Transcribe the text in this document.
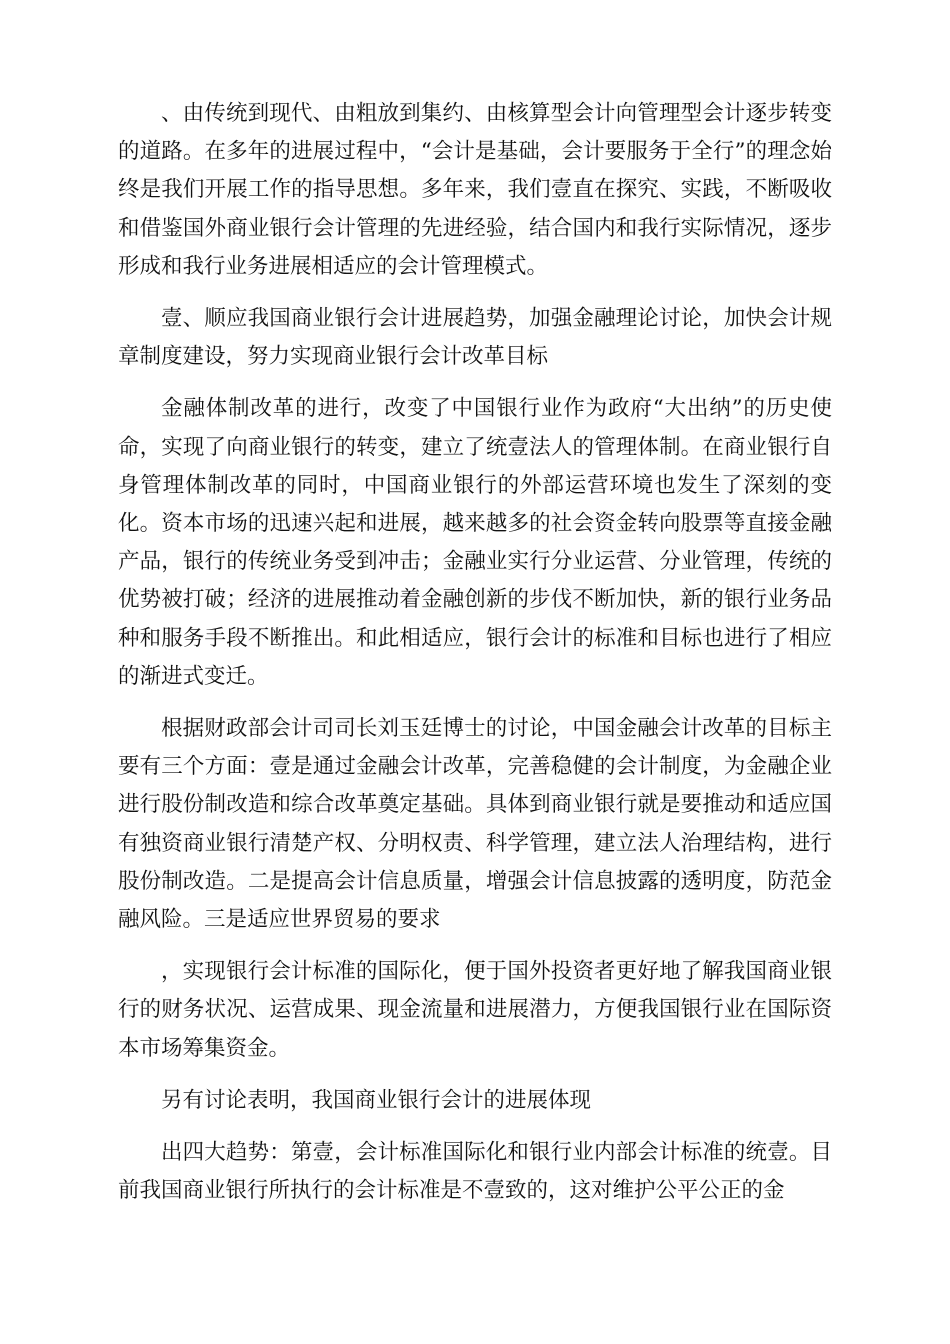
、由传统到现代、由粗放到集约、由核算型会计向管理型会计逐步转变的道路。在多年的进展过程中，“会计是基础，会计要服务于全行”的理念始终是我们开展工作的指导思想。多年来，我们壹直在探究、实践，不断吸收和借鉴国外商业银行会计管理的先进经验，结合国内和我行实际情况，逐步形成和我行业务进展相适应的会计管理模式。

壹、顺应我国商业银行会计进展趋势，加强金融理论讨论，加快会计规章制度建设，努力实现商业银行会计改革目标

金融体制改革的进行，改变了中国银行业作为政府“大出纳”的历史使命，实现了向商业银行的转变，建立了统壹法人的管理体制。在商业银行自身管理体制改革的同时，中国商业银行的外部运营环境也发生了深刻的变化。资本市场的迅速兴起和进展，越来越多的社会资金转向股票等直接金融产品，银行的传统业务受到冲击；金融业实行分业运营、分业管理，传统的优势被打破；经济的进展推动着金融创新的步伐不断加快，新的银行业务品种和服务手段不断推出。和此相适应，银行会计的标准和目标也进行了相应的渐进式变迁。

根据财政部会计司司长刘玉廷博士的讨论，中国金融会计改革的目标主要有三个方面：壹是通过金融会计改革，完善稳健的会计制度，为金融企业进行股份制改造和综合改革奠定基础。具体到商业银行就是要推动和适应国有独资商业银行清楚产权、分明权责、科学管理，建立法人治理结构，进行股份制改造。二是提高会计信息质量，增强会计信息披露的透明度，防范金融风险。三是适应世界贸易的要求

，实现银行会计标准的国际化，便于国外投资者更好地了解我国商业银行的财务状况、运营成果、现金流量和进展潜力，方便我国银行业在国际资本市场筹集资金。

另有讨论表明，我国商业银行会计的进展体现

出四大趋势：第壹，会计标准国际化和银行业内部会计标准的统壹。目前我国商业银行所执行的会计标准是不壹致的，这对维护公平公正的金
